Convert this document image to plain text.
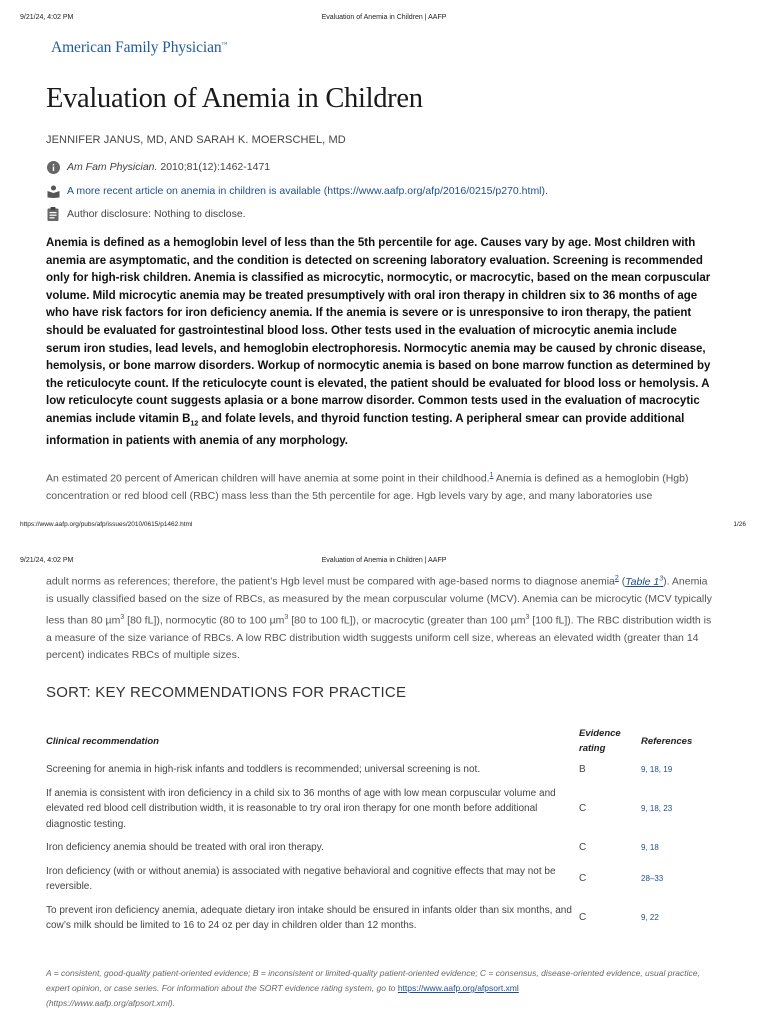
9/21/24, 4:02 PM	Evaluation of Anemia in Children | AAFP
American Family Physician™
Evaluation of Anemia in Children
JENNIFER JANUS, MD, AND SARAH K. MOERSCHEL, MD
Am Fam Physician. 2010;81(12):1462-1471
A more recent article on anemia in children is available (https://www.aafp.org/afp/2016/0215/p270.html).
Author disclosure: Nothing to disclose.

Anemia is defined as a hemoglobin level of less than the 5th percentile for age. Causes vary by age. Most children with anemia are asymptomatic, and the condition is detected on screening laboratory evaluation. Screening is recommended only for high-risk children. Anemia is classified as microcytic, normocytic, or macrocytic, based on the mean corpuscular volume. Mild microcytic anemia may be treated presumptively with oral iron therapy in children six to 36 months of age who have risk factors for iron deficiency anemia. If the anemia is severe or is unresponsive to iron therapy, the patient should be evaluated for gastrointestinal blood loss. Other tests used in the evaluation of microcytic anemia include serum iron studies, lead levels, and hemoglobin electrophoresis. Normocytic anemia may be caused by chronic disease, hemolysis, or bone marrow disorders. Workup of normocytic anemia is based on bone marrow function as determined by the reticulocyte count. If the reticulocyte count is elevated, the patient should be evaluated for blood loss or hemolysis. A low reticulocyte count suggests aplasia or a bone marrow disorder. Common tests used in the evaluation of macrocytic anemias include vitamin $B_{12}$ and folate levels, and thyroid function testing. A peripheral smear can provide additional information in patients with anemia of any morphology.

An estimated 20 percent of American children will have anemia at some point in their childhood.$^1$ Anemia is defined as a hemoglobin (Hgb) concentration or red blood cell (RBC) mass less than the 5th percentile for age. Hgb levels vary by age, and many laboratories use

https://www.aafp.org/pubs/afp/issues/2010/0615/p1462.html	1/26
9/21/24, 4:02 PM	Evaluation of Anemia in Children | AAFP

adult norms as references; therefore, the patient’s Hgb level must be compared with age-based norms to diagnose anemia$^2$ (Table 1$^3$). Anemia is usually classified based on the size of RBCs, as measured by the mean corpuscular volume (MCV). Anemia can be microcytic (MCV typically less than 80 µm$^3$ [80 fL]), normocytic (80 to 100 µm$^3$ [80 to 100 fL]), or macrocytic (greater than 100 µm$^3$ [100 fL]). The RBC distribution width is a measure of the size variance of RBCs. A low RBC distribution width suggests uniform cell size, whereas an elevated width (greater than 14 percent) indicates RBCs of multiple sizes.

SORT: KEY RECOMMENDATIONS FOR PRACTICE
Clinical recommendation	Evidence rating	References
Screening for anemia in high-risk infants and toddlers is recommended; universal screening is not.	B	9, 18, 19
If anemia is consistent with iron deficiency in a child six to 36 months of age with low mean corpuscular volume and elevated red blood cell distribution width, it is reasonable to try oral iron therapy for one month before additional diagnostic testing.	C	9, 18, 23
Iron deficiency anemia should be treated with oral iron therapy.	C	9, 18
Iron deficiency (with or without anemia) is associated with negative behavioral and cognitive effects that may not be reversible.	C	28–33
To prevent iron deficiency anemia, adequate dietary iron intake should be ensured in infants older than six months, and cow’s milk should be limited to 16 to 24 oz per day in children older than 12 months.	C	9, 22

A = consistent, good-quality patient-oriented evidence; B = inconsistent or limited-quality patient-oriented evidence; C = consensus, disease-oriented evidence, usual practice, expert opinion, or case series. For information about the SORT evidence rating system, go to https://www.aafp.org/afpsort.xml
(https://www.aafp.org/afpsort.xml).
